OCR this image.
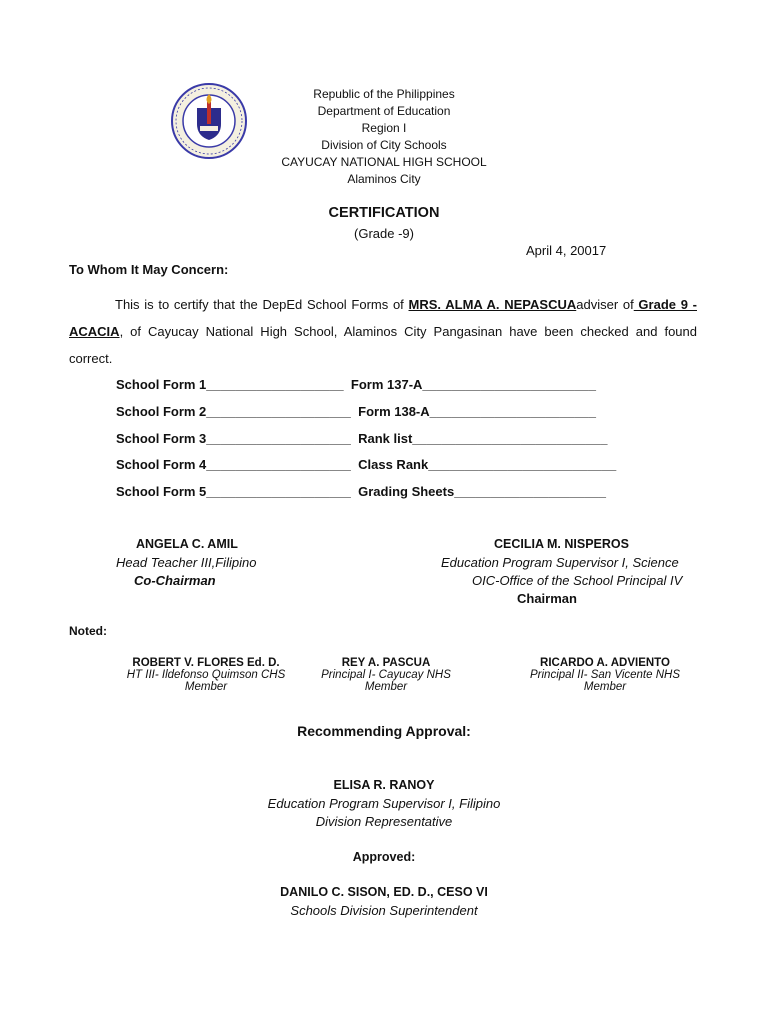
Republic of the Philippines
Department of Education
Region I
Division of City Schools
CAYUCAY NATIONAL HIGH SCHOOL
Alaminos City
CERTIFICATION
(Grade -9)
April 4, 20017
To Whom It May Concern:
This is to certify that the DepEd School Forms of MRS. ALMA A. NEPASCUAadviser of Grade 9 - ACACIA, of Cayucay National High School, Alaminos City Pangasinan have been checked and found correct.
School Form 1___________________ Form 137-A________________________
School Form 2____________________ Form 138-A_______________________
School Form 3____________________ Rank list___________________________
School Form 4____________________ Class Rank__________________________
School Form 5____________________ Grading Sheets_____________________
ANGELA C. AMIL
Head Teacher III,Filipino
Co-Chairman
CECILIA M. NISPEROS
Education Program Supervisor I, Science
OIC-Office of the School Principal IV
Chairman
Noted:
ROBERT V. FLORES Ed. D.
HT III- Ildefonso Quimson CHS
Member
REY A. PASCUA
Principal I- Cayucay NHS
Member
RICARDO A. ADVIENTO
Principal II- San Vicente NHS
Member
Recommending Approval:
ELISA R. RANOY
Education Program Supervisor I, Filipino
Division Representative
Approved:
DANILO C. SISON, ED. D., CESO VI
Schools Division Superintendent
